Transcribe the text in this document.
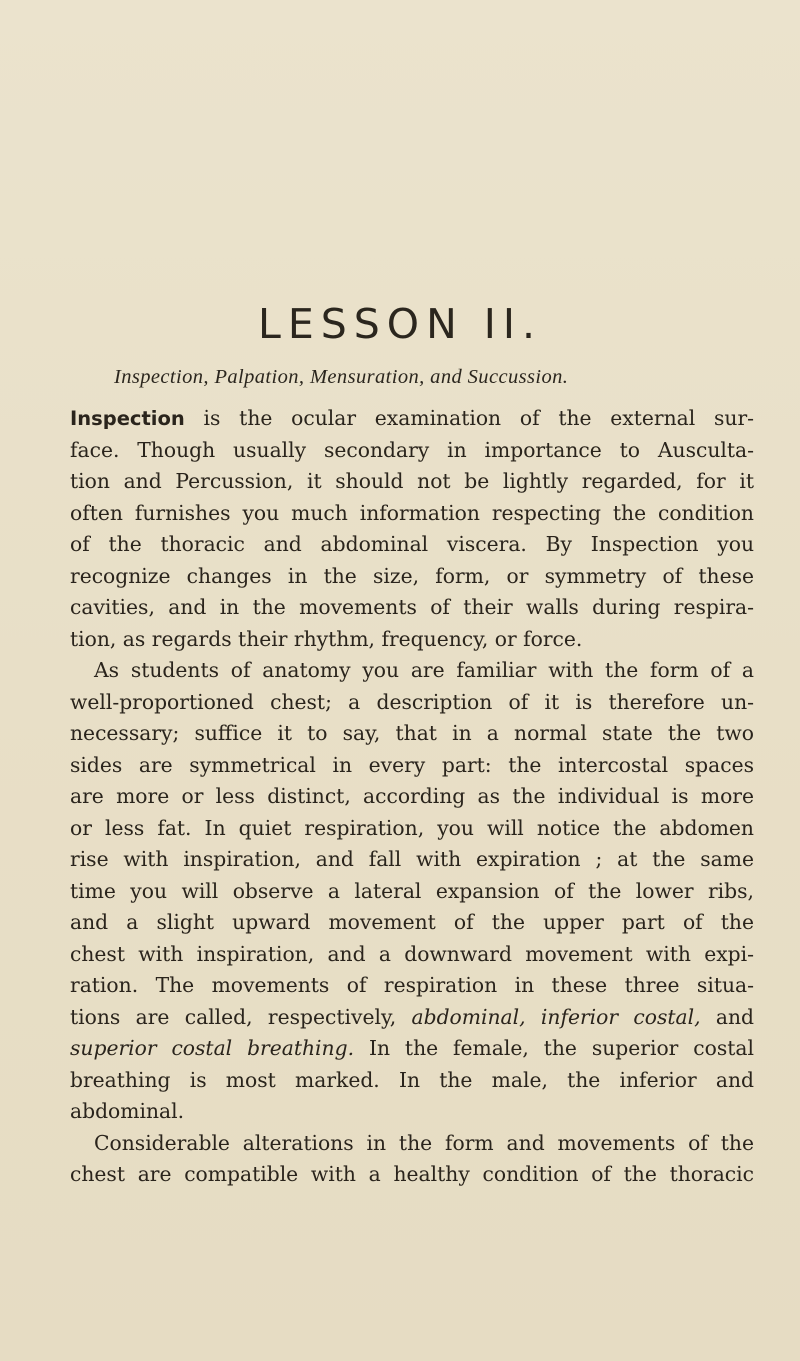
LESSON II.

Inspection, Palpation, Mensuration, and Succussion.

Inspection is the ocular examination of the external sur-
face. Though usually secondary in importance to Ausculta-
tion and Percussion, it should not be lightly regarded, for it
often furnishes you much information respecting the condition
of the thoracic and abdominal viscera. By Inspection you
recognize changes in the size, form, or symmetry of these
cavities, and in the movements of their walls during respira-
tion, as regards their rhythm, frequency, or force.
As students of anatomy you are familiar with the form of a
well-proportioned chest; a description of it is therefore un-
necessary; suffice it to say, that in a normal state the two
sides are symmetrical in every part: the intercostal spaces
are more or less distinct, according as the individual is more
or less fat. In quiet respiration, you will notice the abdomen
rise with inspiration, and fall with expiration ; at the same
time you will observe a lateral expansion of the lower ribs,
and a slight upward movement of the upper part of the
chest with inspiration, and a downward movement with expi-
ration. The movements of respiration in these three situa-
tions are called, respectively, abdominal, inferior costal, and
superior costal breathing. In the female, the superior costal
breathing is most marked. In the male, the inferior and
abdominal.
Considerable alterations in the form and movements of the
chest are compatible with a healthy condition of the thoracic
